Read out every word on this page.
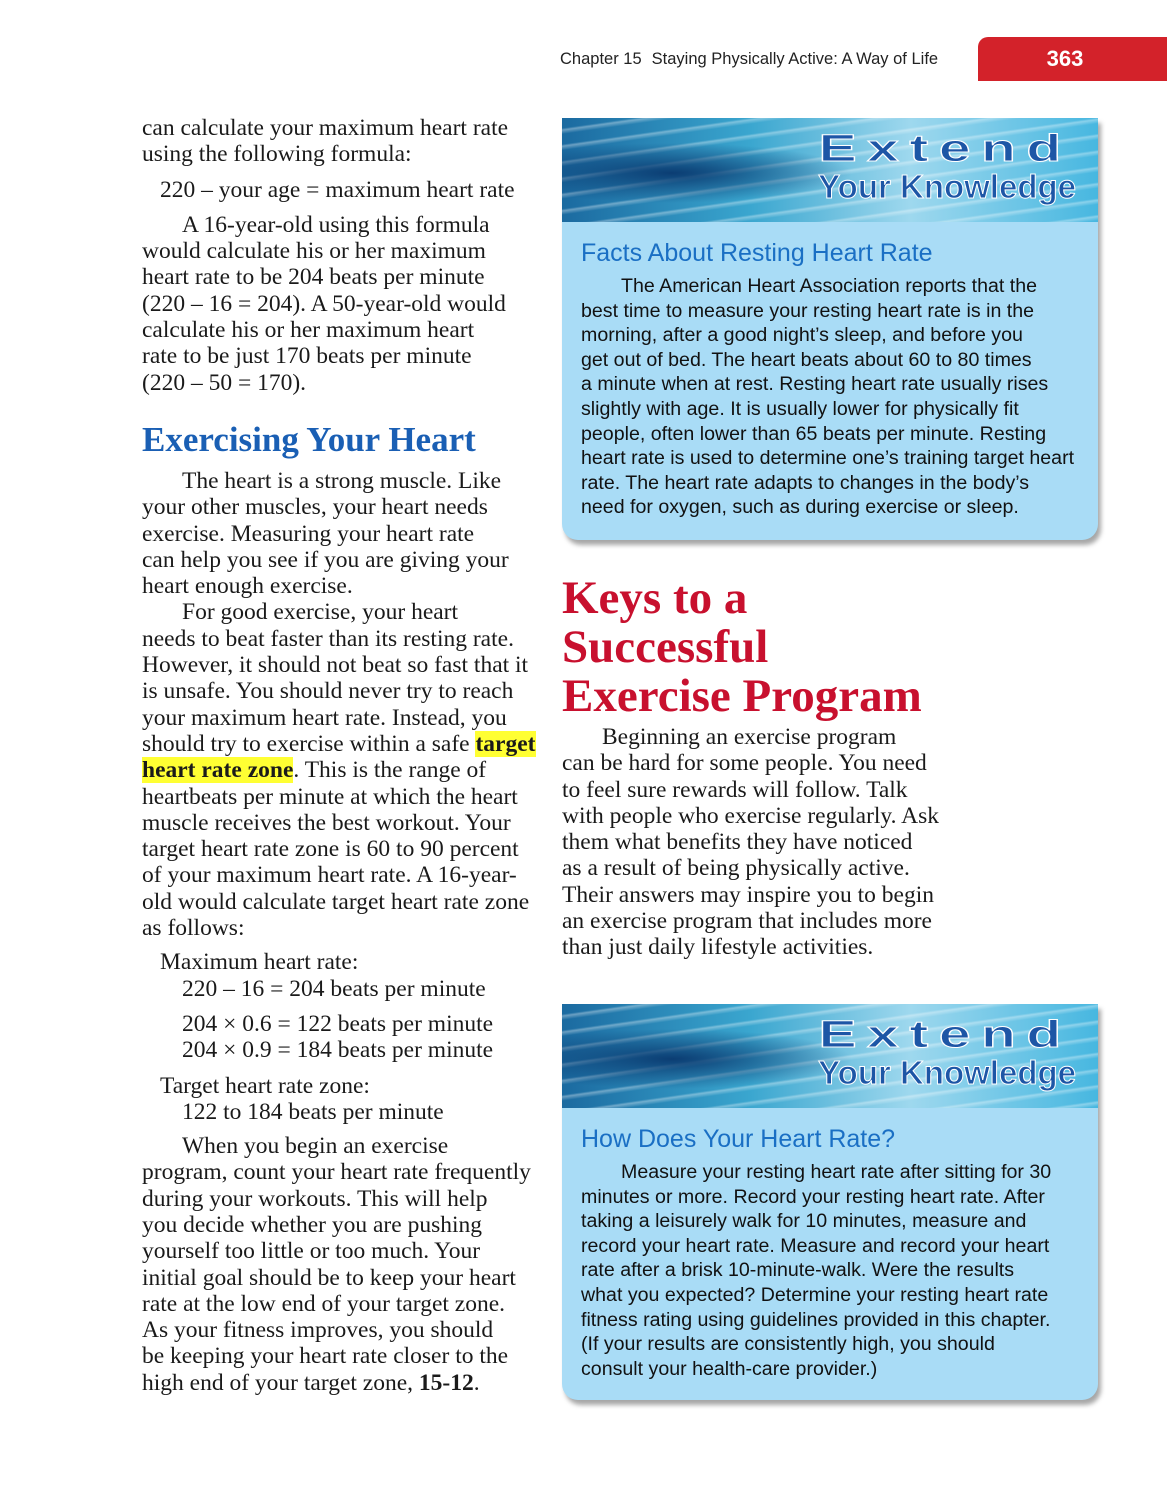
Chapter 15 Staying Physically Active: A Way of Life	363
can calculate your maximum heart rate
using the following formula:
220 – your age = maximum heart rate
A 16-year-old using this formula
would calculate his or her maximum
heart rate to be 204 beats per minute
(220 – 16 = 204). A 50-year-old would
calculate his or her maximum heart
rate to be just 170 beats per minute
(220 – 50 = 170).
Exercising Your Heart
The heart is a strong muscle. Like
your other muscles, your heart needs
exercise. Measuring your heart rate
can help you see if you are giving your
heart enough exercise.
For good exercise, your heart
needs to beat faster than its resting rate.
However, it should not beat so fast that it
is unsafe. You should never try to reach
your maximum heart rate. Instead, you
should try to exercise within a safe target
heart rate zone. This is the range of
heartbeats per minute at which the heart
muscle receives the best workout. Your
target heart rate zone is 60 to 90 percent
of your maximum heart rate. A 16-year-
old would calculate target heart rate zone
as follows:
Maximum heart rate:
220 – 16 = 204 beats per minute
204 × 0.6 = 122 beats per minute
204 × 0.9 = 184 beats per minute
Target heart rate zone:
122 to 184 beats per minute
When you begin an exercise
program, count your heart rate frequently
during your workouts. This will help
you decide whether you are pushing
yourself too little or too much. Your
initial goal should be to keep your heart
rate at the low end of your target zone.
As your fitness improves, you should
be keeping your heart rate closer to the
high end of your target zone, 15-12.
Extend
Your Knowledge
Facts About Resting Heart Rate
The American Heart Association reports that the
best time to measure your resting heart rate is in the
morning, after a good night’s sleep, and before you
get out of bed. The heart beats about 60 to 80 times
a minute when at rest. Resting heart rate usually rises
slightly with age. It is usually lower for physically fit
people, often lower than 65 beats per minute. Resting
heart rate is used to determine one’s training target heart
rate. The heart rate adapts to changes in the body’s
need for oxygen, such as during exercise or sleep.
Keys to a
Successful
Exercise Program
Beginning an exercise program
can be hard for some people. You need
to feel sure rewards will follow. Talk
with people who exercise regularly. Ask
them what benefits they have noticed
as a result of being physically active.
Their answers may inspire you to begin
an exercise program that includes more
than just daily lifestyle activities.
Extend
Your Knowledge
How Does Your Heart Rate?
Measure your resting heart rate after sitting for 30
minutes or more. Record your resting heart rate. After
taking a leisurely walk for 10 minutes, measure and
record your heart rate. Measure and record your heart
rate after a brisk 10-minute-walk. Were the results
what you expected? Determine your resting heart rate
fitness rating using guidelines provided in this chapter.
(If your results are consistently high, you should
consult your health-care provider.)
